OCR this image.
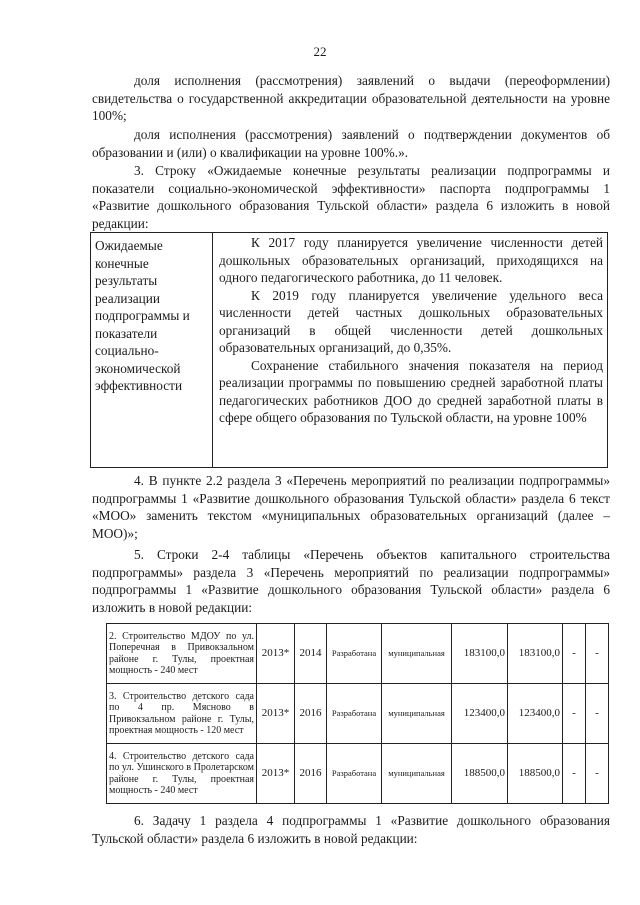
22

доля исполнения (рассмотрения) заявлений о выдачи (переоформлении) свидетельства о государственной аккредитации образовательной деятельности на уровне 100%;

доля исполнения (рассмотрения) заявлений о подтверждении документов об образовании и (или) о квалификации на уровне 100%.».

3. Строку «Ожидаемые конечные результаты реализации подпрограммы и показатели социально-экономической эффективности» паспорта подпрограммы 1 «Развитие дошкольного образования Тульской области» раздела 6 изложить в новой редакции:

Ожидаемые конечные результаты реализации подпрограммы и показатели социально-экономической эффективности

К 2017 году планируется увеличение численности детей дошкольных образовательных организаций, приходящихся на одного педагогического работника, до 11 человек.

К 2019 году планируется увеличение удельного веса численности детей частных дошкольных образовательных организаций в общей численности детей дошкольных образовательных организаций, до 0,35%.

Сохранение стабильного значения показателя на период реализации программы по повышению средней заработной платы педагогических работников ДОО до средней заработной платы в сфере общего образования по Тульской области, на уровне 100%

4. В пункте 2.2 раздела 3 «Перечень мероприятий по реализации подпрограммы» подпрограммы 1 «Развитие дошкольного образования Тульской области» раздела 6 текст «МОО» заменить текстом «муниципальных образовательных организаций (далее – МОО)»;

5. Строки 2-4 таблицы «Перечень объектов капитального строительства подпрограммы» раздела 3 «Перечень мероприятий по реализации подпрограммы» подпрограммы 1 «Развитие дошкольного образования Тульской области» раздела 6 изложить в новой редакции:

2. Строительство МДОУ по ул. Поперечная в Привокзальном районе г. Тулы, проектная мощность - 240 мест	2013*	2014	Разработана	муниципальная	183100,0	183100,0	-	-
3. Строительство детского сада по 4 пр. Мясново в Привокзальном районе г. Тулы, проектная мощность - 120 мест	2013*	2016	Разработана	муниципальная	123400,0	123400,0	-	-
4. Строительство детского сада по ул. Ушинского в Пролетарском районе г. Тулы, проектная мощность - 240 мест	2013*	2016	Разработана	муниципальная	188500,0	188500,0	-	-

6. Задачу 1 раздела 4 подпрограммы 1 «Развитие дошкольного образования Тульской области» раздела 6 изложить в новой редакции:
